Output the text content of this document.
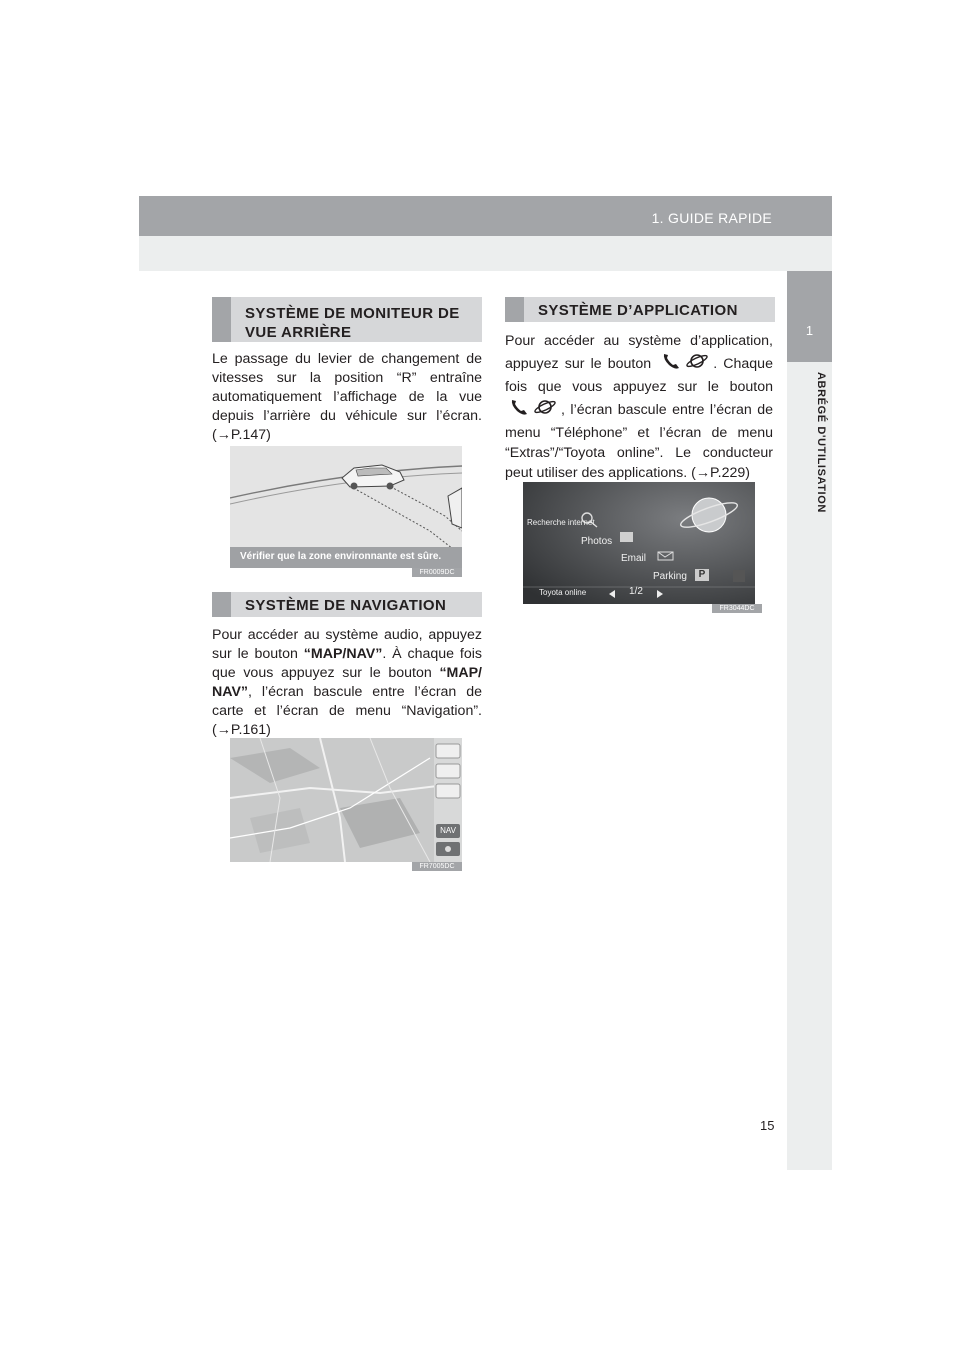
1. GUIDE RAPIDE
1
ABRÉGÉ D'UTILISATION
SYSTÈME DE MONITEUR DE
VUE ARRIÈRE
Le passage du levier de changement de vitesses sur la position “R” entraîne automatiquement l’affichage de la vue depuis l’arrière du véhicule sur l’écran. (→P.147)
Vérifier que la zone environnante est sûre.
FR0009DC
SYSTÈME DE NAVIGATION
Pour accéder au système audio, appuyez sur le bouton “MAP/NAV”. À chaque fois que vous appuyez sur le bouton “MAP/ NAV”, l’écran bascule entre l’écran de carte et l’écran de menu “Navigation”. (→P.161)
NAV
FR7005DC
SYSTÈME D’APPLICATION
Pour accéder au système d’application, appuyez sur le bouton	. Chaque fois que vous appuyez sur le bouton , l’écran bascule entre l’écran de menu “Téléphone” et l’écran de menu “Extras”/“Toyota online”. Le conducteur peut utiliser des applications. (→P.229)
Recherche internet
Photos
Email
Parking	P
Toyota online	1/2
FR3044DC
15
